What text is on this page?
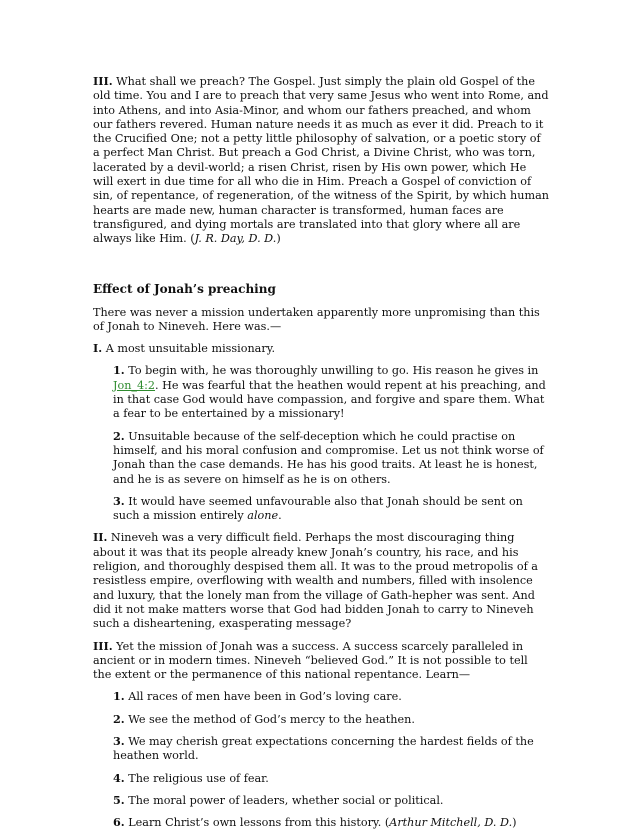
III. What shall we preach? The Gospel. Just simply the plain old Gospel of the old time. You and I are to preach that very same Jesus who went into Rome, and into Athens, and into Asia-Minor, and whom our fathers preached, and whom our fathers revered. Human nature needs it as much as ever it did. Preach to it the Crucified One; not a petty little philosophy of salvation, or a poetic story of a perfect Man Christ. But preach a God Christ, a Divine Christ, who was torn, lacerated by a devil-world; a risen Christ, risen by His own power, which He will exert in due time for all who die in Him. Preach a Gospel of conviction of sin, of repentance, of regeneration, of the witness of the Spirit, by which human hearts are made new, human character is transformed, human faces are transfigured, and dying mortals are translated into that glory where all are always like Him. (J. R. Day, D. D.)

Effect of Jonah’s preaching

There was never a mission undertaken apparently more unpromising than this of Jonah to Nineveh. Here was.—

I. A most unsuitable missionary.

1. To begin with, he was thoroughly unwilling to go. His reason he gives in Jon_4:2. He was fearful that the heathen would repent at his preaching, and in that case God would have compassion, and forgive and spare them. What a fear to be entertained by a missionary!

2. Unsuitable because of the self-deception which he could practise on himself, and his moral confusion and compromise. Let us not think worse of Jonah than the case demands. He has his good traits. At least he is honest, and he is as severe on himself as he is on others.

3. It would have seemed unfavourable also that Jonah should be sent on such a mission entirely alone.

II. Nineveh was a very difficult field. Perhaps the most discouraging thing about it was that its people already knew Jonah’s country, his race, and his religion, and thoroughly despised them all. It was to the proud metropolis of a resistless empire, overflowing with wealth and numbers, filled with insolence and luxury, that the lonely man from the village of Gath-hepher was sent. And did it not make matters worse that God had bidden Jonah to carry to Nineveh such a disheartening, exasperating message?

III. Yet the mission of Jonah was a success. A success scarcely paralleled in ancient or in modern times. Nineveh “believed God.” It is not possible to tell the extent or the permanence of this national repentance. Learn—

1. All races of men have been in God’s loving care.

2. We see the method of God’s mercy to the heathen.

3. We may cherish great expectations concerning the hardest fields of the heathen world.

4. The religious use of fear.

5. The moral power of leaders, whether social or political.

6. Learn Christ’s own lessons from this history. (Arthur Mitchell, D. D.)
